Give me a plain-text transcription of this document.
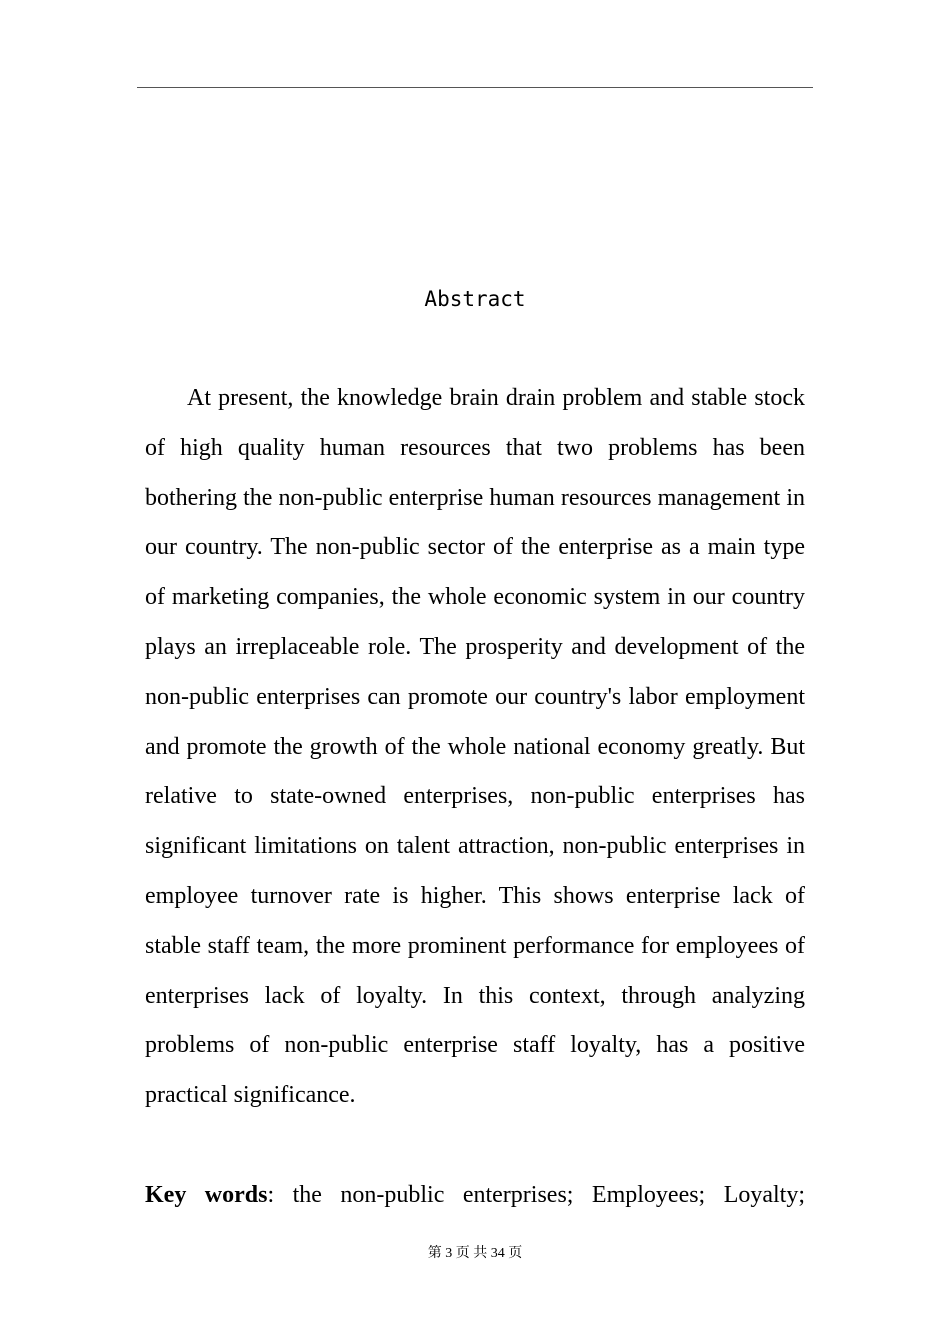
Abstract

At present, the knowledge brain drain problem and stable stock of high quality human resources that two problems has been bothering the non-public enterprise human resources management in our country. The non-public sector of the enterprise as a main type of marketing companies, the whole economic system in our country plays an irreplaceable role. The prosperity and development of the non-public enterprises can promote our country's labor employment and promote the growth of the whole national economy greatly. But relative to state-owned enterprises, non-public enterprises has significant limitations on talent attraction, non-public enterprises in employee turnover rate is higher. This shows enterprise lack of stable staff team, the more prominent performance for employees of enterprises lack of loyalty. In this context, through analyzing problems of non-public enterprise staff loyalty, has a positive practical significance.

Key words: the non-public enterprises; Employees; Loyalty;

第 3 页 共 34 页
